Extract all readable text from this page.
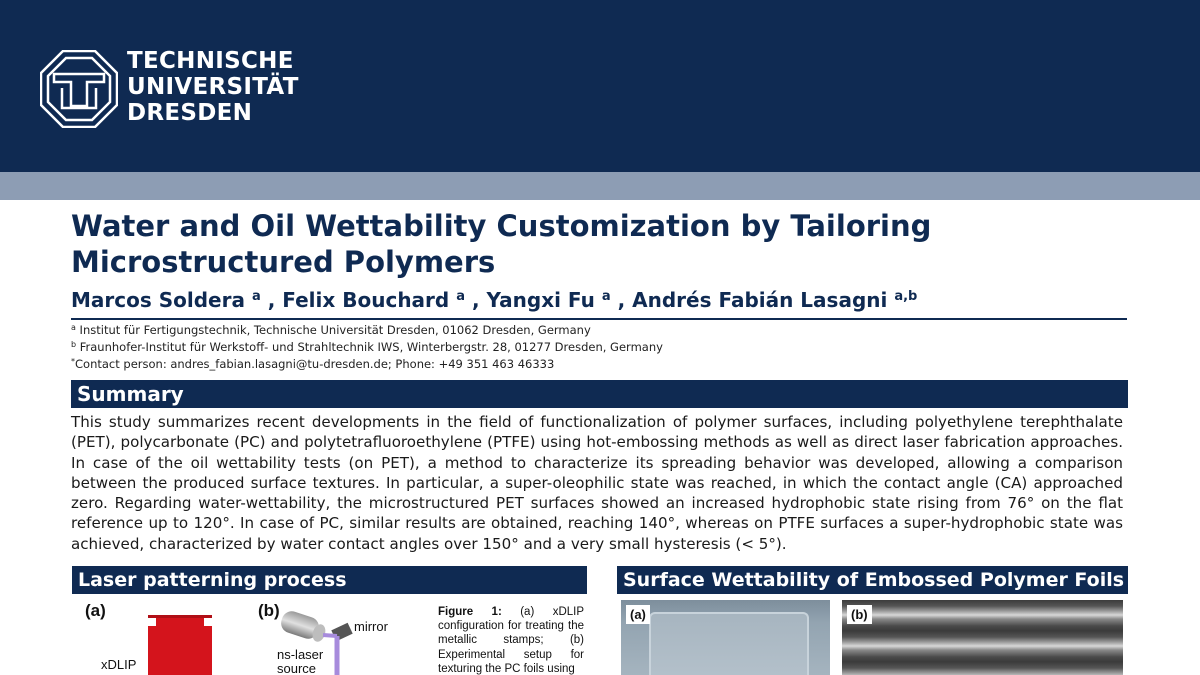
TECHNISCHE
UNIVERSITÄT
DRESDEN
Water and Oil Wettability Customization by Tailoring Microstructured Polymers
Marcos Soldera $^a$ , Felix Bouchard $^a$ , Yangxi Fu $^a$ , Andrés Fabián Lasagni $^{a,b}$
$^a$ Institut für Fertigungstechnik, Technische Universität Dresden, 01062 Dresden, Germany
$^b$ Fraunhofer-Institut für Werkstoff- und Strahltechnik IWS, Winterbergstr. 28, 01277 Dresden, Germany
*Contact person: andres_fabian.lasagni@tu-dresden.de; Phone: +49 351 463 46333
Summary
This study summarizes recent developments in the field of functionalization of polymer surfaces, including polyethylene terephthalate (PET), polycarbonate (PC) and polytetrafluoroethylene (PTFE) using hot-embossing methods as well as direct laser fabrication approaches. In case of the oil wettability tests (on PET), a method to characterize its spreading behavior was developed, allowing a comparison between the produced surface textures. In particular, a super-oleophilic state was reached, in which the contact angle (CA) approached zero. Regarding water-wettability, the microstructured PET surfaces showed an increased hydrophobic state rising from 76° on the flat reference up to 120°. In case of PC, similar results are obtained, reaching 140°, whereas on PTFE surfaces a super-hydrophobic state was achieved, characterized by water contact angles over 150° and a very small hysteresis (< 5°).
Laser patterning process
(a)	(b)
xDLIP
mirror
ns-laser
source
Figure 1: (a) xDLIP configuration for treating the metallic stamps; (b) Experimental setup for texturing the PC foils using
Surface Wettability of Embossed Polymer Foils
(a)	(b)
